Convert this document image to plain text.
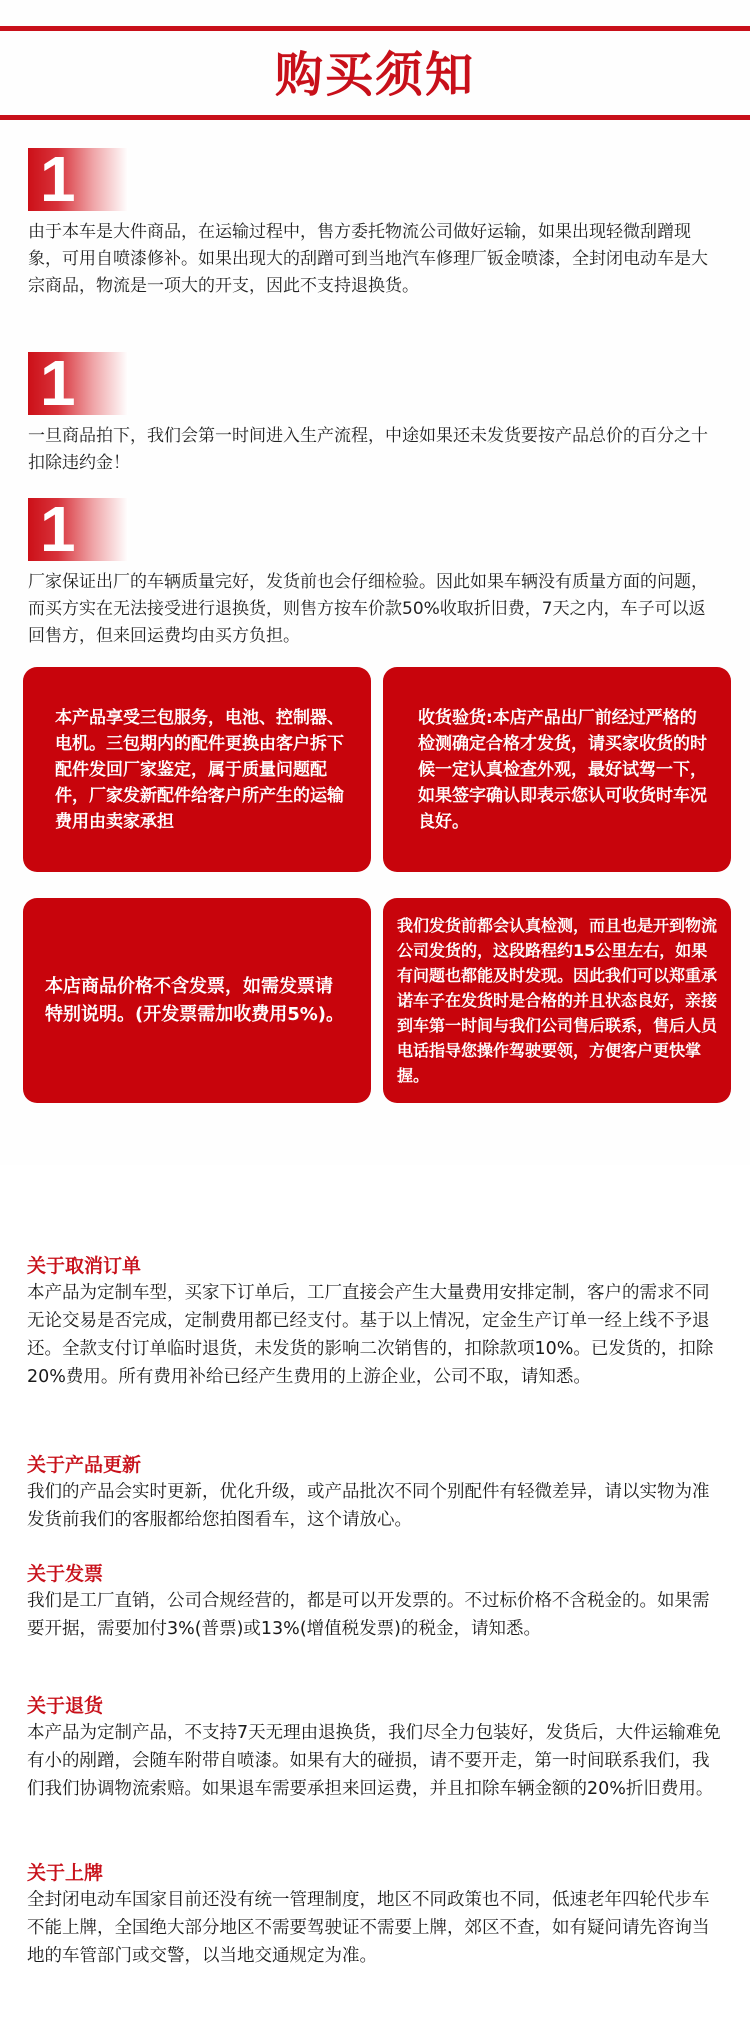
购买须知
1

由于本车是大件商品，在运输过程中，售方委托物流公司做好运输，如果出现轻微刮蹭现象，可用自喷漆修补。如果出现大的刮蹭可到当地汽车修理厂钣金喷漆，全封闭电动车是大宗商品，物流是一项大的开支，因此不支持退换货。

1

一旦商品拍下，我们会第一时间进入生产流程，中途如果还未发货要按产品总价的百分之十扣除违约金！

1

厂家保证出厂的车辆质量完好，发货前也会仔细检验。因此如果车辆没有质量方面的问题，而买方实在无法接受进行退换货，则售方按车价款50%收取折旧费，7天之内，车子可以返回售方，但来回运费均由买方负担。

本产品享受三包服务，电池、控制器、电机。三包期内的配件更换由客户拆下配件发回厂家鉴定，属于质量问题配件，厂家发新配件给客户所产生的运输费用由卖家承担

收货验货:本店产品出厂前经过严格的检测确定合格才发货，请买家收货的时候一定认真检查外观，最好试驾一下，如果签字确认即表示您认可收货时车况良好。

本店商品价格不含发票，如需发票请特别说明。(开发票需加收费用5%)。

我们发货前都会认真检测，而且也是开到物流公司发货的，这段路程约15公里左右，如果有问题也都能及时发现。因此我们可以郑重承诺车子在发货时是合格的并且状态良好，亲接到车第一时间与我们公司售后联系，售后人员电话指导您操作驾驶要领，方便客户更快掌握。

关于取消订单

本产品为定制车型，买家下订单后，工厂直接会产生大量费用安排定制，客户的需求不同无论交易是否完成，定制费用都已经支付。基于以上情况，定金生产订单一经上线不予退还。全款支付订单临时退货，未发货的影响二次销售的，扣除款项10%。已发货的，扣除20%费用。所有费用补给已经产生费用的上游企业，公司不取，请知悉。

关于产品更新

我们的产品会实时更新，优化升级，或产品批次不同个别配件有轻微差异，请以实物为准发货前我们的客服都给您拍图看车，这个请放心。

关于发票

我们是工厂直销，公司合规经营的，都是可以开发票的。不过标价格不含税金的。如果需要开据，需要加付3%(普票)或13%(增值税发票)的税金，请知悉。

关于退货

本产品为定制产品，不支持7天无理由退换货，我们尽全力包装好，发货后，大件运输难免有小的剐蹭，会随车附带自喷漆。如果有大的碰损，请不要开走，第一时间联系我们，我们我们协调物流索赔。如果退车需要承担来回运费，并且扣除车辆金额的20%折旧费用。

关于上牌

全封闭电动车国家目前还没有统一管理制度，地区不同政策也不同，低速老年四轮代步车不能上牌，全国绝大部分地区不需要驾驶证不需要上牌，郊区不查，如有疑问请先咨询当地的车管部门或交警，以当地交通规定为准。
